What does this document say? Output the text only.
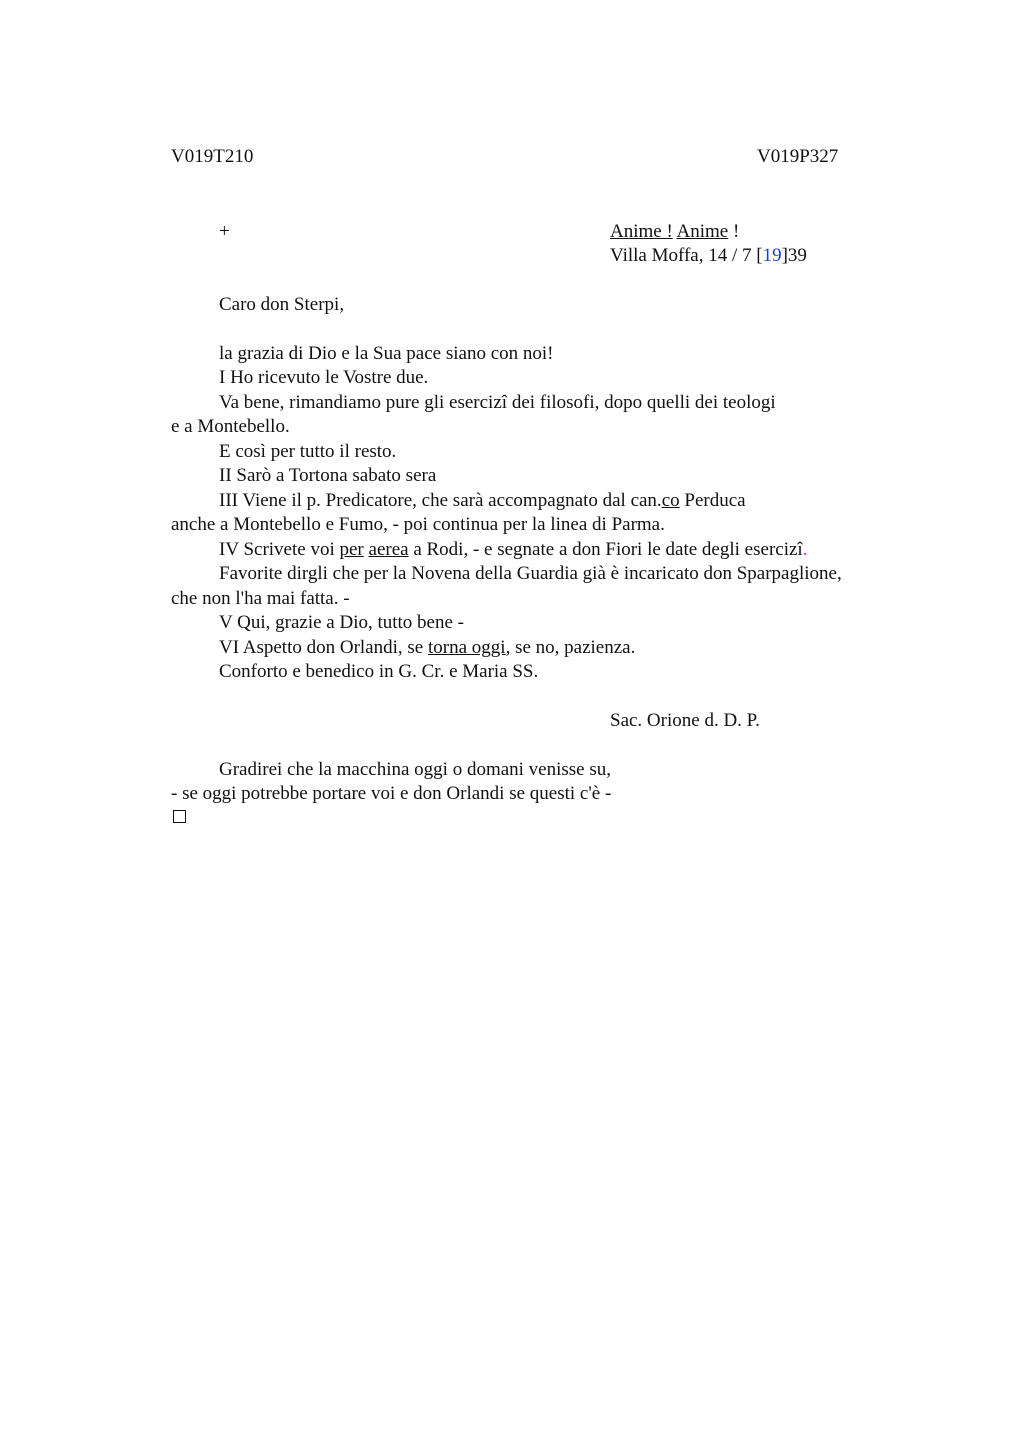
V019T210	V019P327
+	Anime ! Anime !
Villa Moffa, 14 / 7 [19]39
Caro don Sterpi,
la grazia di Dio e la Sua pace siano con noi!
I Ho ricevuto le Vostre due.
Va bene, rimandiamo pure gli esercizi dei filosofi, dopo quelli dei teologi
e a Montebello.
E così per tutto il resto.
II Sarò a Tortona sabato sera
III Viene il p. Predicatore, che sarà accompagnato dal can.co Perduca
anche a Montebello e Fumo, - poi continua per la linea di Parma.
IV Scrivete voi per aerea a Rodi, - e segnate a don Fiori le date degli esercizî.
Favorite dirgli che per la Novena della Guardia già è incaricato don Sparpaglione,
che non l'ha mai fatta. -
V Qui, grazie a Dio, tutto bene -
VI Aspetto don Orlandi, se torna oggi, se no, pazienza.
Conforto e benedico in G. Cr. e Maria SS.
Sac. Orione d. D. P.
Gradirei che la macchina oggi o domani venisse su,
- se oggi potrebbe portare voi e don Orlandi se questi c'è -
